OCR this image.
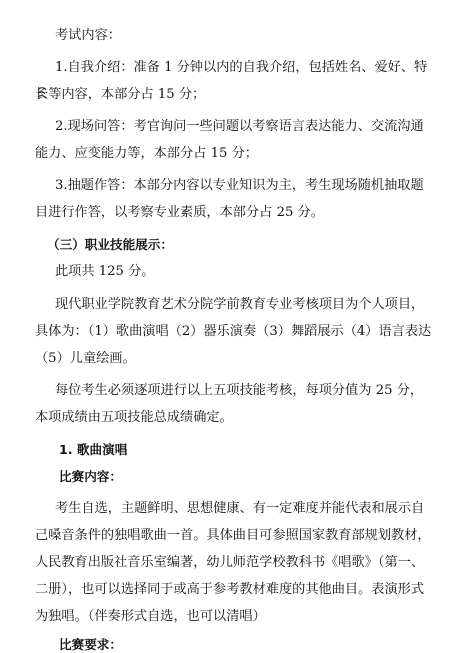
考试内容：
1.自我介绍：准备 1 分钟以内的自我介绍，包括姓名、爱好、特
长等内容，本部分占 15 分；
2.现场问答：考官询问一些问题以考察语言表达能力、交流沟通
能力、应变能力等，本部分占 15 分；
3.抽题作答：本部分内容以专业知识为主，考生现场随机抽取题
目进行作答，以考察专业素质，本部分占 25 分。
（三）职业技能展示：
此项共 125 分。
现代职业学院教育艺术分院学前教育专业考核项目为个人项目，
具体为：（1）歌曲演唱（2）器乐演奏（3）舞蹈展示（4）语言表达
（5）儿童绘画。
每位考生必须逐项进行以上五项技能考核，每项分值为 25 分，
本项成绩由五项技能总成绩确定。
1. 歌曲演唱
比赛内容：
考生自选，主题鲜明、思想健康、有一定难度并能代表和展示自
己嗓音条件的独唱歌曲一首。具体曲目可参照国家教育部规划教材，
人民教育出版社音乐室编著，幼儿师范学校教科书《唱歌》（第一、
二册），也可以选择同于或高于参考教材难度的其他曲目。表演形式
为独唱。（伴奏形式自选，也可以清唱）
比赛要求：
